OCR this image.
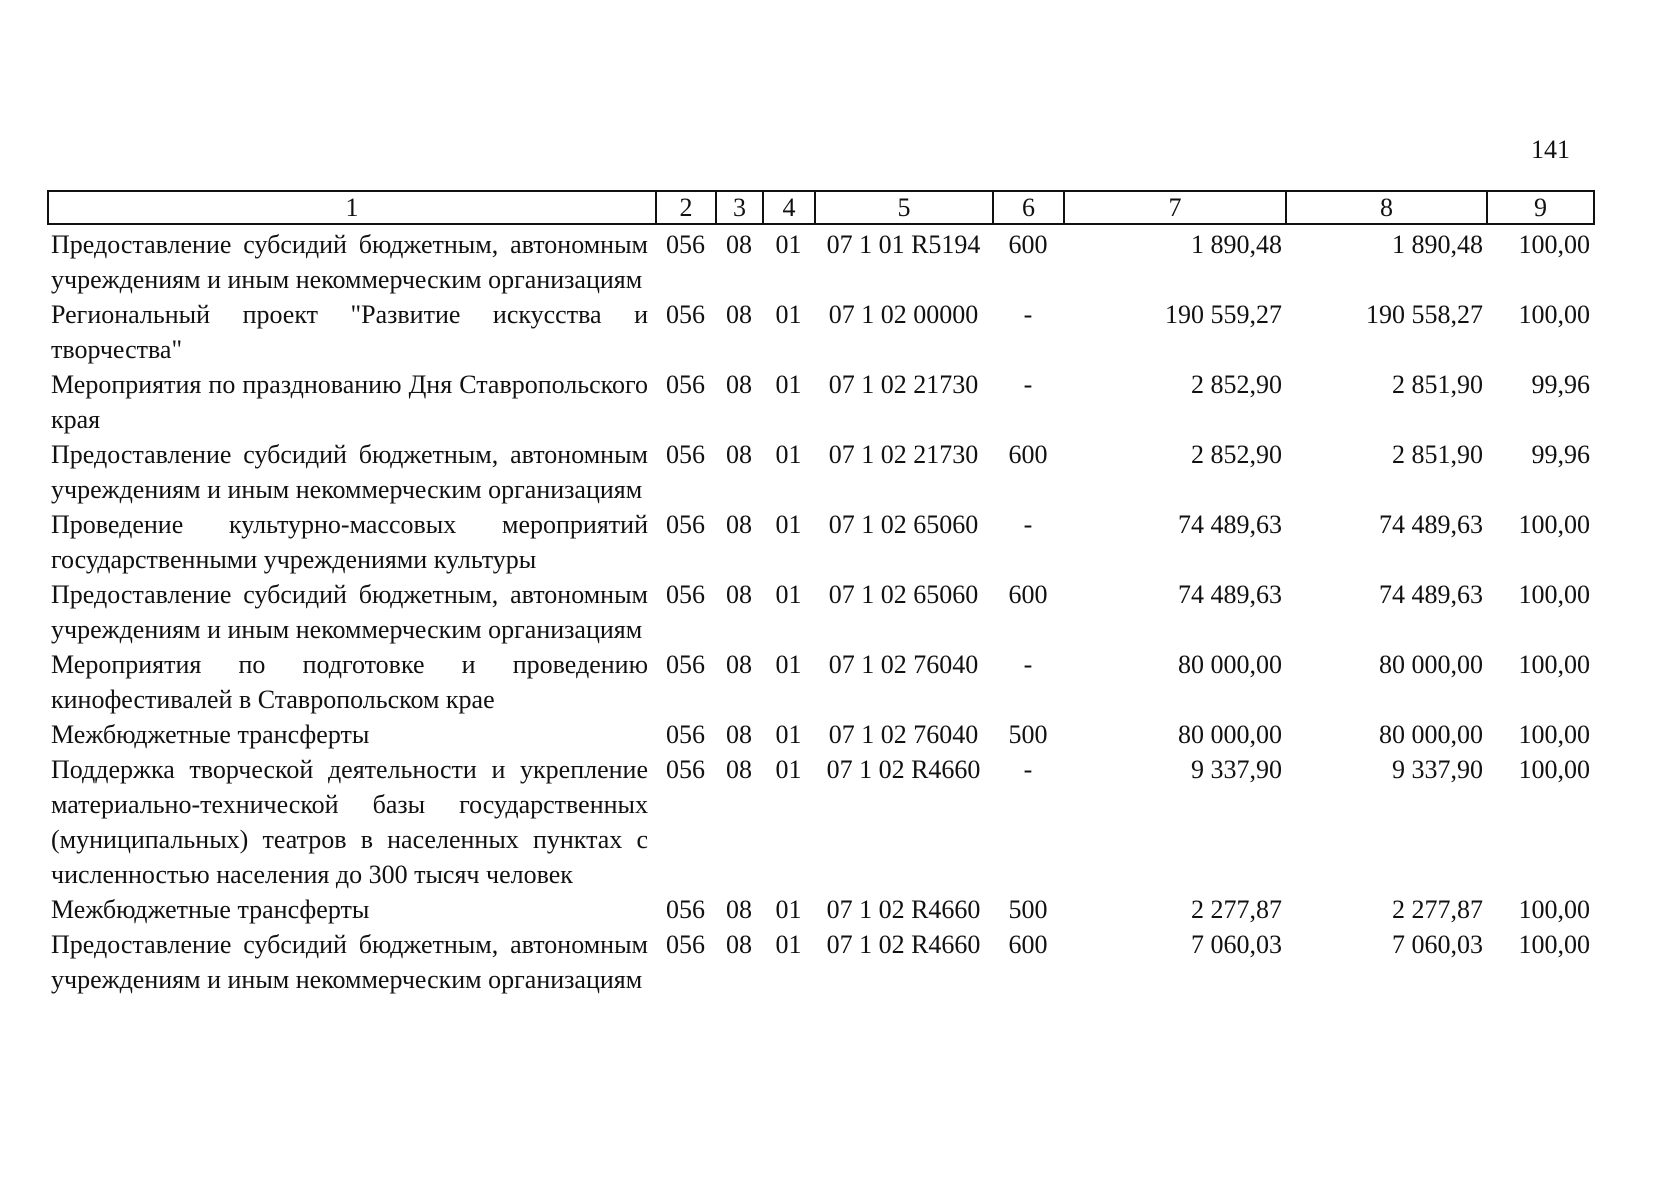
141
1	2	3	4	5	6	7	8	9
Предоставление субсидий бюджетным, автономным учреждениям и иным некоммерческим организациям	056	08	01	07 1 01 R5194	600	1 890,48	1 890,48	100,00
Региональный проект "Развитие искусства и творчества"	056	08	01	07 1 02 00000	-	190 559,27	190 558,27	100,00
Мероприятия по празднованию Дня Ставропольского края	056	08	01	07 1 02 21730	-	2 852,90	2 851,90	99,96
Предоставление субсидий бюджетным, автономным учреждениям и иным некоммерческим организациям	056	08	01	07 1 02 21730	600	2 852,90	2 851,90	99,96
Проведение культурно-массовых мероприятий государственными учреждениями культуры	056	08	01	07 1 02 65060	-	74 489,63	74 489,63	100,00
Предоставление субсидий бюджетным, автономным учреждениям и иным некоммерческим организациям	056	08	01	07 1 02 65060	600	74 489,63	74 489,63	100,00
Мероприятия по подготовке и проведению кинофестивалей в Ставропольском крае	056	08	01	07 1 02 76040	-	80 000,00	80 000,00	100,00
Межбюджетные трансферты	056	08	01	07 1 02 76040	500	80 000,00	80 000,00	100,00
Поддержка творческой деятельности и укрепление материально-технической базы государственных (муниципальных) театров в населенных пунктах с численностью населения до 300 тысяч человек	056	08	01	07 1 02 R4660	-	9 337,90	9 337,90	100,00
Межбюджетные трансферты	056	08	01	07 1 02 R4660	500	2 277,87	2 277,87	100,00
Предоставление субсидий бюджетным, автономным учреждениям и иным некоммерческим организациям	056	08	01	07 1 02 R4660	600	7 060,03	7 060,03	100,00
